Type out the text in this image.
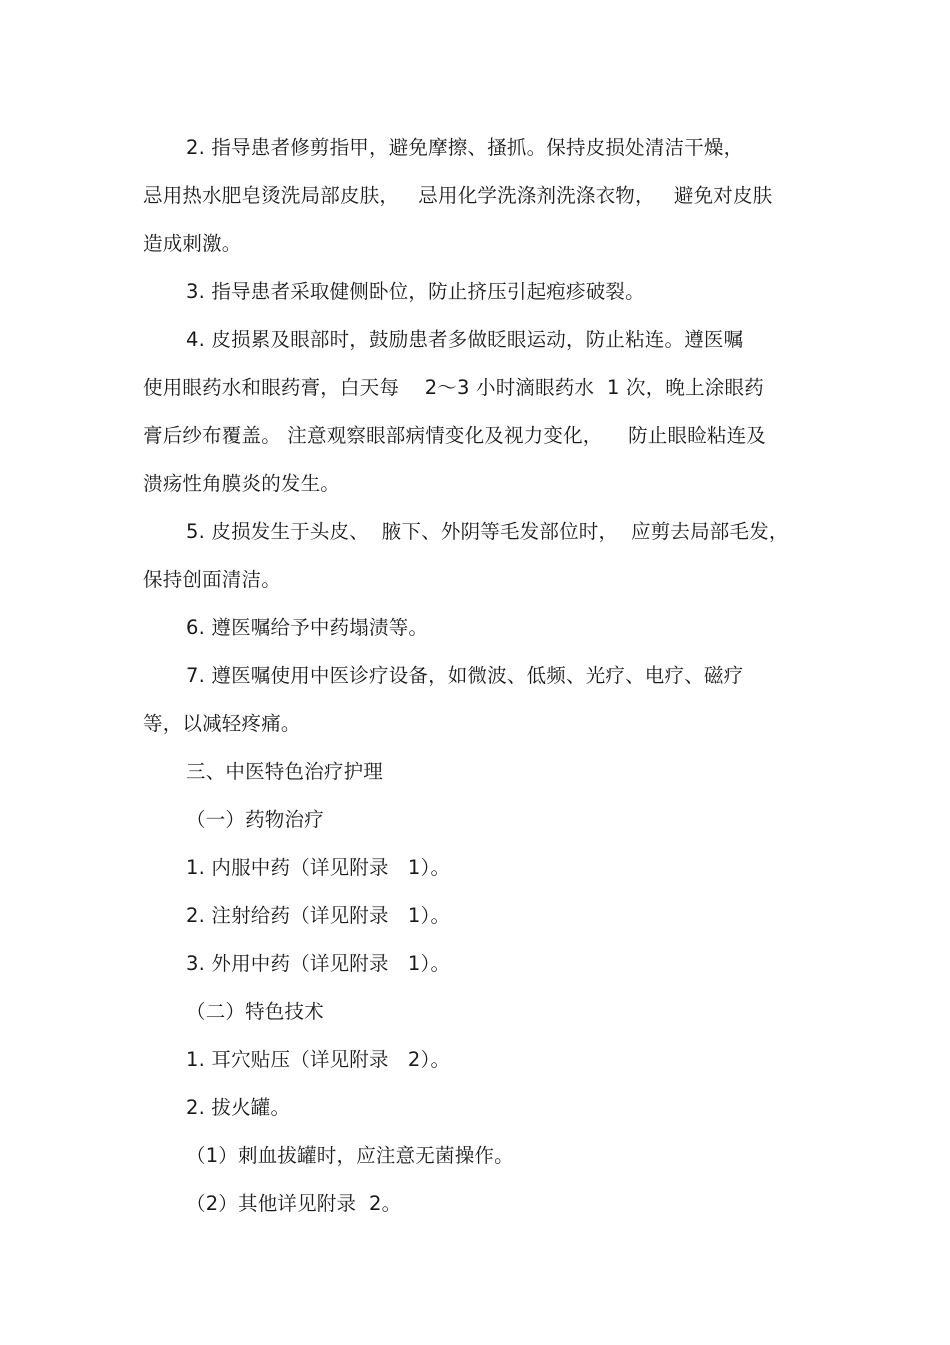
2. 指导患者修剪指甲，避免摩擦、搔抓。保持皮损处清洁干燥，
忌用热水肥皂烫洗局部皮肤，   忌用化学洗涤剂洗涤衣物，   避免对皮肤
造成刺激。
3. 指导患者采取健侧卧位，防止挤压引起疱疹破裂。
4. 皮损累及眼部时，鼓励患者多做眨眼运动，防止粘连。遵医嘱
使用眼药水和眼药膏，白天每    2～3 小时滴眼药水  1 次，晚上涂眼药
膏后纱布覆盖。 注意观察眼部病情变化及视力变化，    防止眼睑粘连及
溃疡性角膜炎的发生。
5. 皮损发生于头皮、  腋下、外阴等毛发部位时，  应剪去局部毛发，
保持创面清洁。
6. 遵医嘱给予中药塌渍等。
7. 遵医嘱使用中医诊疗设备，如微波、低频、光疗、电疗、磁疗
等，以减轻疼痛。
三、中医特色治疗护理
（一）药物治疗
1. 内服中药（详见附录   1）。
2. 注射给药（详见附录   1）。
3. 外用中药（详见附录   1）。
（二）特色技术
1. 耳穴贴压（详见附录   2）。
2. 拔火罐。
（1）刺血拔罐时，应注意无菌操作。
（2）其他详见附录  2。
